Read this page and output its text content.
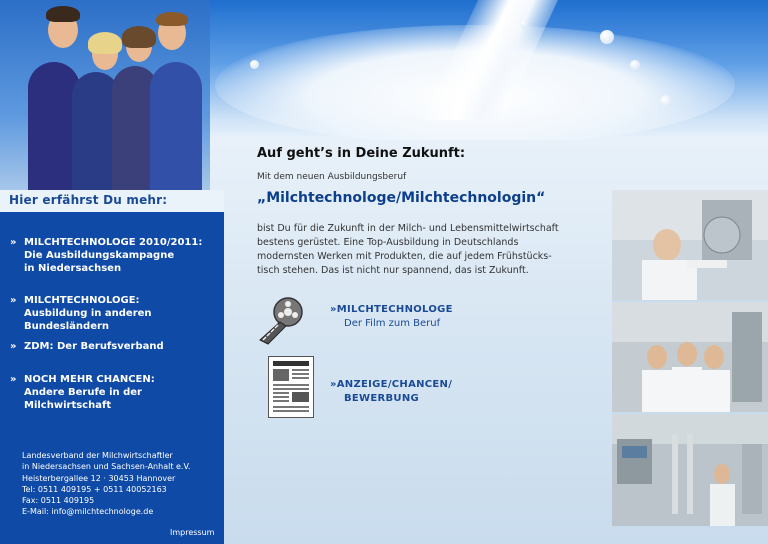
Hier erfährst Du mehr:
» MILCHTECHNOLOGE 2010/2011:
Die Ausbildungskampagne
in Niedersachsen
» MILCHTECHNOLOGE:
Ausbildung in anderen Bundesländern
» ZDM: Der Berufsverband
» NOCH MEHR CHANCEN:
Andere Berufe in der Milchwirtschaft
Landesverband der Milchwirtschaftler
in Niedersachsen und Sachsen-Anhalt e.V.
Heisterbergallee 12 · 30453 Hannover
Tel: 0511 409195 + 0511 40052163
Fax: 0511 409195
E-Mail: info@milchtechnologe.de
Impressum
Auf geht’s in Deine Zukunft:
Mit dem neuen Ausbildungsberuf
„Milchtechnologe/Milchtechnologin“
bist Du für die Zukunft in der Milch- und Lebensmittelwirtschaft
bestens gerüstet. Eine Top-Ausbildung in Deutschlands
modernsten Werken mit Produkten, die auf jedem Frühstücks-
tisch stehen. Das ist nicht nur spannend, das ist Zukunft.
»MILCHTECHNOLOGE
Der Film zum Beruf
»ANZEIGE/CHANCEN/
BEWERBUNG
